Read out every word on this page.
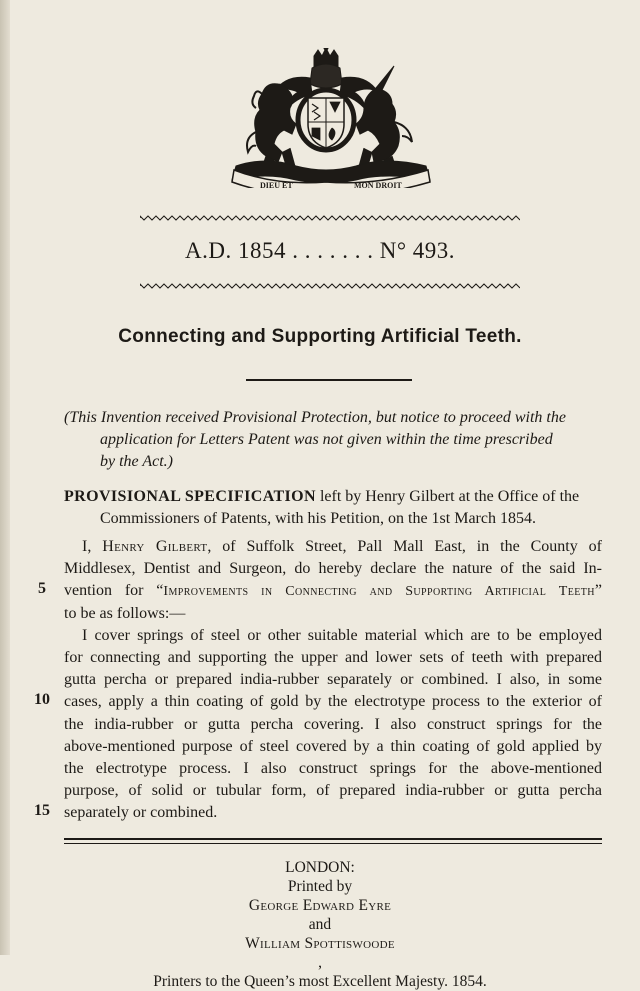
DIEU ET	MON DROIT
A.D. 1854 . . . . . . . N° 493.
Connecting and Supporting Artificial Teeth.
(This Invention received Provisional Protection, but notice to proceed with the
application for Letters Patent was not given within the time prescribed
by the Act.)
PROVISIONAL SPECIFICATION left by Henry Gilbert at the Office of the
Commissioners of Patents, with his Petition, on the 1st March 1854.
I, Henry Gilbert, of Suffolk Street, Pall Mall East, in the County of
Middlesex, Dentist and Surgeon, do hereby declare the nature of the said In-
vention for “Improvements in Connecting and Supporting Artificial Teeth”
to be as follows:—
I cover springs of steel or other suitable material which are to be employed
for connecting and supporting the upper and lower sets of teeth with prepared
gutta percha or prepared india-rubber separately or combined. I also, in some
cases, apply a thin coating of gold by the electrotype process to the exterior of
the india-rubber or gutta percha covering. I also construct springs for the
above-mentioned purpose of steel covered by a thin coating of gold applied by
the electrotype process. I also construct springs for the above-mentioned
purpose, of solid or tubular form, of prepared india-rubber or gutta percha
separately or combined.
5
10
15
LONDON:
Printed by
George Edward Eyre
and
William Spottiswoode
,
Printers to the Queen’s most Excellent Majesty. 1854.
